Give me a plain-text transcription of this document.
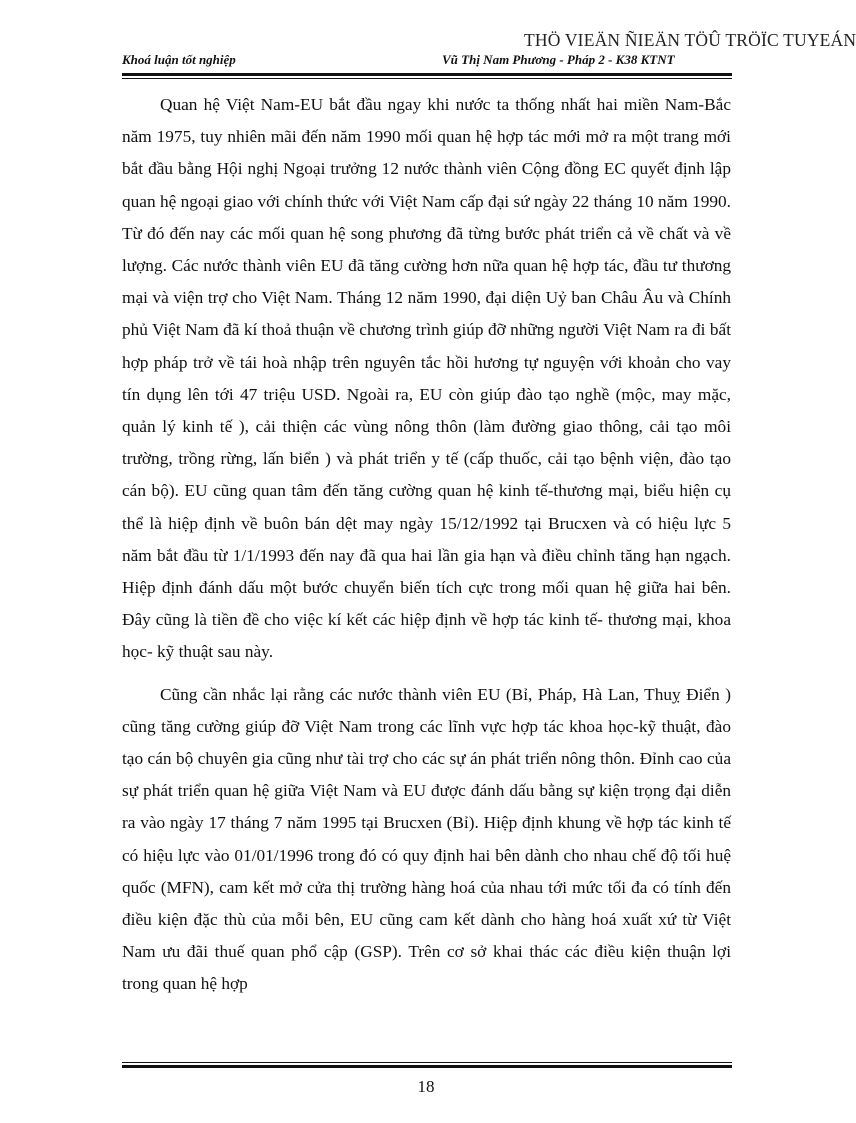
THÖ VIEÄN ÑIEÄN TÖÛ TRÖÏC TUYEÁN
Khoá luận tốt nghiệp	Vũ Thị Nam Phương - Pháp 2 - K38 KTNT

Quan hệ Việt Nam-EU bắt đầu ngay khi nước ta thống nhất hai miền Nam-Bắc năm 1975, tuy nhiên mãi đến năm 1990 mối quan hệ hợp tác mới mở ra một trang mới bắt đầu bằng Hội nghị Ngoại trưởng 12 nước thành viên Cộng đồng EC quyết định lập quan hệ ngoại giao với chính thức với Việt Nam cấp đại sứ ngày 22 tháng 10 năm 1990. Từ đó đến nay các mối quan hệ song phương đã từng bước phát triển cả về chất và về lượng. Các nước thành viên EU đã tăng cường hơn nữa quan hệ hợp tác, đầu tư thương mại và viện trợ cho Việt Nam. Tháng 12 năm 1990, đại diện Uỷ ban Châu Âu và Chính phủ Việt Nam đã kí thoả thuận về chương trình giúp đỡ những người Việt Nam ra đi bất hợp pháp trở về tái hoà nhập trên nguyên tắc hồi hương tự nguyện với khoản cho vay tín dụng lên tới 47 triệu USD. Ngoài ra, EU còn giúp đào tạo nghề (mộc, may mặc, quản lý kinh tế ), cải thiện các vùng nông thôn (làm đường giao thông, cải tạo môi trường, trồng rừng, lấn biển ) và phát triển y tế (cấp thuốc, cải tạo bệnh viện, đào tạo cán bộ). EU cũng quan tâm đến tăng cường quan hệ kinh tế-thương mại, biểu hiện cụ thể là hiệp định về buôn bán dệt may ngày 15/12/1992 tại Brucxen và có hiệu lực 5 năm bắt đầu từ 1/1/1993 đến nay đã qua hai lần gia hạn và điều chỉnh tăng hạn ngạch. Hiệp định đánh dấu một bước chuyển biến tích cực trong mối quan hệ giữa hai bên. Đây cũng là tiền đề cho việc kí kết các hiệp định về hợp tác kinh tế- thương mại, khoa học- kỹ thuật sau này.

Cũng cần nhắc lại rằng các nước thành viên EU (Bỉ, Pháp, Hà Lan, Thuỵ Điển ) cũng tăng cường giúp đỡ Việt Nam trong các lĩnh vực hợp tác khoa học-kỹ thuật, đào tạo cán bộ chuyên gia cũng như tài trợ cho các sự án phát triển nông thôn. Đỉnh cao của sự phát triển quan hệ giữa Việt Nam và EU được đánh dấu bằng sự kiện trọng đại diễn ra vào ngày 17 tháng 7 năm 1995 tại Brucxen (Bỉ). Hiệp định khung về hợp tác kinh tế có hiệu lực vào 01/01/1996 trong đó có quy định hai bên dành cho nhau chế độ tối huệ quốc (MFN), cam kết mở cửa thị trường hàng hoá của nhau tới mức tối đa có tính đến điều kiện đặc thù của mỗi bên, EU cũng cam kết dành cho hàng hoá xuất xứ từ Việt Nam ưu đãi thuế quan phổ cập (GSP). Trên cơ sở khai thác các điều kiện thuận lợi trong quan hệ hợp

18
